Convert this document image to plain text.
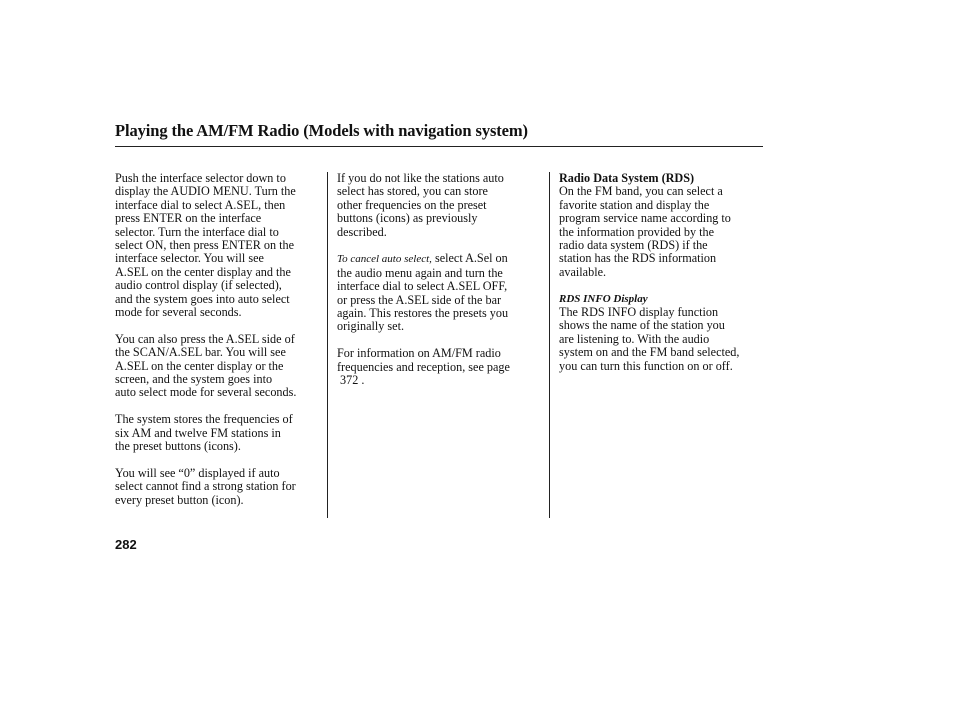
Playing the AM/FM Radio (Models with navigation system)

Push the interface selector down to
display the AUDIO MENU. Turn the
interface dial to select A.SEL, then
press ENTER on the interface
selector. Turn the interface dial to
select ON, then press ENTER on the
interface selector. You will see
A.SEL on the center display and the
audio control display (if selected),
and the system goes into auto select
mode for several seconds.

You can also press the A.SEL side of
the SCAN/A.SEL bar. You will see
A.SEL on the center display or the
screen, and the system goes into
auto select mode for several seconds.

The system stores the frequencies of
six AM and twelve FM stations in
the preset buttons (icons).

You will see “0” displayed if auto
select cannot find a strong station for
every preset button (icon).

If you do not like the stations auto
select has stored, you can store
other frequencies on the preset
buttons (icons) as previously
described.

To cancel auto select, select A.Sel on
the audio menu again and turn the
interface dial to select A.SEL OFF,
or press the A.SEL side of the bar
again. This restores the presets you
originally set.

For information on AM/FM radio
frequencies and reception, see page
372 .

Radio Data System (RDS)
On the FM band, you can select a
favorite station and display the
program service name according to
the information provided by the
radio data system (RDS) if the
station has the RDS information
available.

RDS INFO Display
The RDS INFO display function
shows the name of the station you
are listening to. With the audio
system on and the FM band selected,
you can turn this function on or off.

282
